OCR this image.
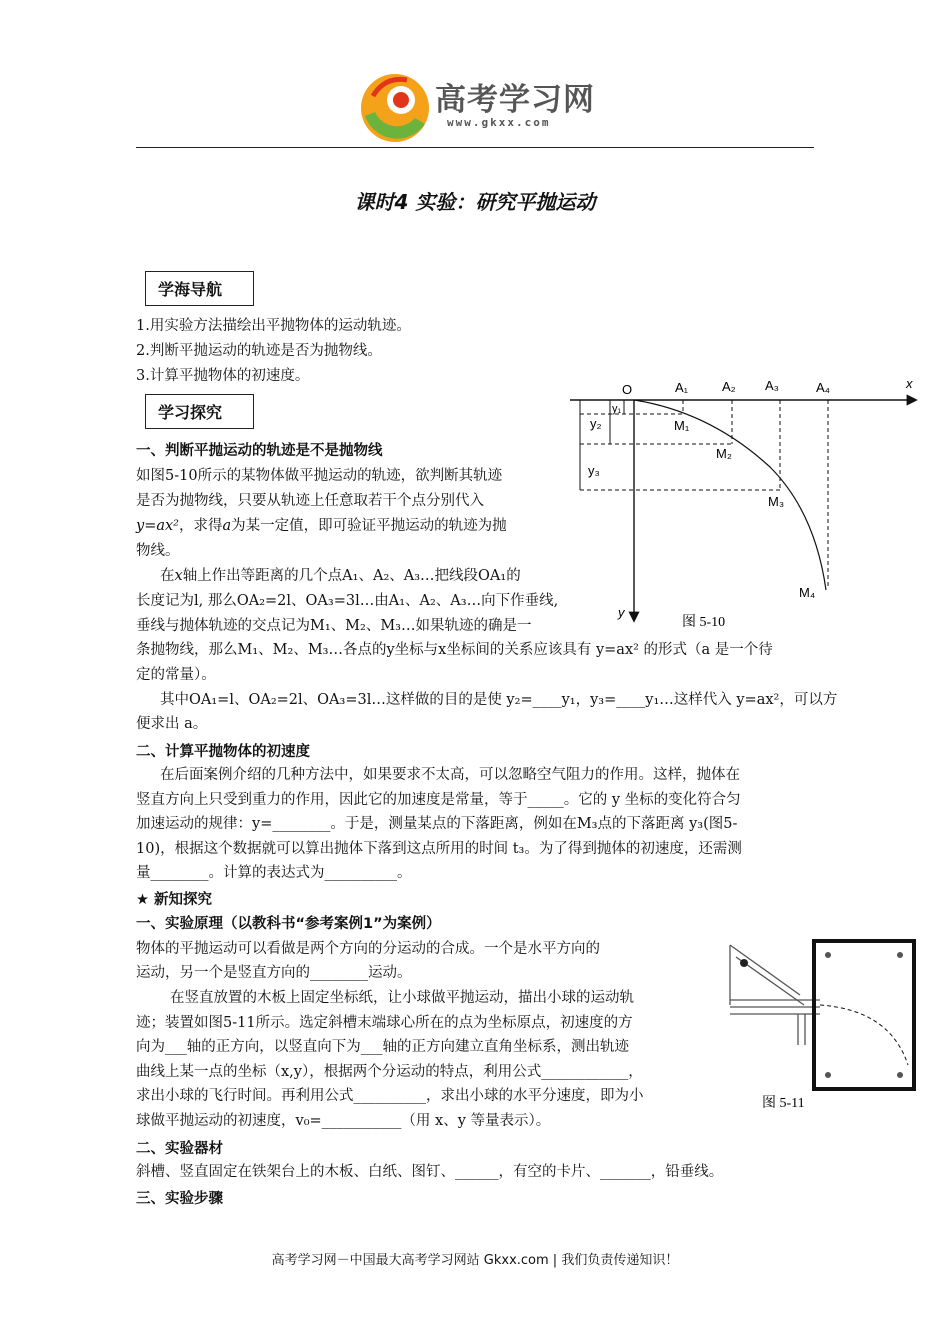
高考学习网
www.gkxx.com
课时4 实验：研究平抛运动
学海导航

1.用实验方法描绘出平抛物体的运动轨迹。

2.判断平抛运动的轨迹是否为抛物线。

3.计算平抛物体的初速度。

学习探究
一、判断平抛运动的轨迹是不是抛物线

如图5-10所示的某物体做平抛运动的轨迹，欲判断其轨迹

是否为抛物线，只要从轨迹上任意取若干个点分别代入

y=ax²，求得a为某一定值，即可验证平抛运动的轨迹为抛

物线。

在x轴上作出等距离的几个点A₁、A₂、A₃…把线段OA₁的

长度记为l, 那么OA₂=2l、OA₃=3l…由A₁、A₂、A₃…向下作垂线,

垂线与抛体轨迹的交点记为M₁、M₂、M₃…如果轨迹的确是一

条抛物线，那么M₁、M₂、M₃…各点的y坐标与x坐标间的关系应该具有 y=ax² 的形式（a 是一个待

定的常量）。

其中OA₁=l、OA₂=2l、OA₃=3l…这样做的目的是使 y₂=____y₁，y₃=____y₁…这样代入 y=ax²，可以方

便求出 a。

二、计算平抛物体的初速度

在后面案例介绍的几种方法中，如果要求不太高，可以忽略空气阻力的作用。这样，抛体在

竖直方向上只受到重力的作用，因此它的加速度是常量，等于_____。它的 y 坐标的变化符合匀

加速运动的规律：y=________。于是，测量某点的下落距离，例如在M₃点的下落距离 y₃(图5-

10)，根据这个数据就可以算出抛体下落到这点所用的时间 t₃。为了得到抛体的初速度，还需测

量________。计算的表达式为__________。

★ 新知探究
一、实验原理（以教科书“参考案例1”为案例）

物体的平抛运动可以看做是两个方向的分运动的合成。一个是水平方向的

运动，另一个是竖直方向的________运动。

在竖直放置的木板上固定坐标纸，让小球做平抛运动，描出小球的运动轨

迹；装置如图5-11所示。选定斜槽末端球心所在的点为坐标原点，初速度的方

向为___轴的正方向，以竖直向下为___轴的正方向建立直角坐标系，测出轨迹

曲线上某一点的坐标（x,y），根据两个分运动的特点，利用公式____________，

求出小球的飞行时间。再利用公式__________，求出小球的水平分速度，即为小

球做平抛运动的初速度，v₀=___________（用 x、y 等量表示）。

二、实验器材

斜槽、竖直固定在铁架台上的木板、白纸、图钉、______，有空的卡片、_______，铅垂线。

三、实验步骤
O	A₁	A₂ A₃	A₄	x
y
y₁
y₂
y₃
M₁
M₂
M₃
M₄
图 5-10
图 5-11
高考学习网－中国最大高考学习网站 Gkxx.com | 我们负责传递知识！
